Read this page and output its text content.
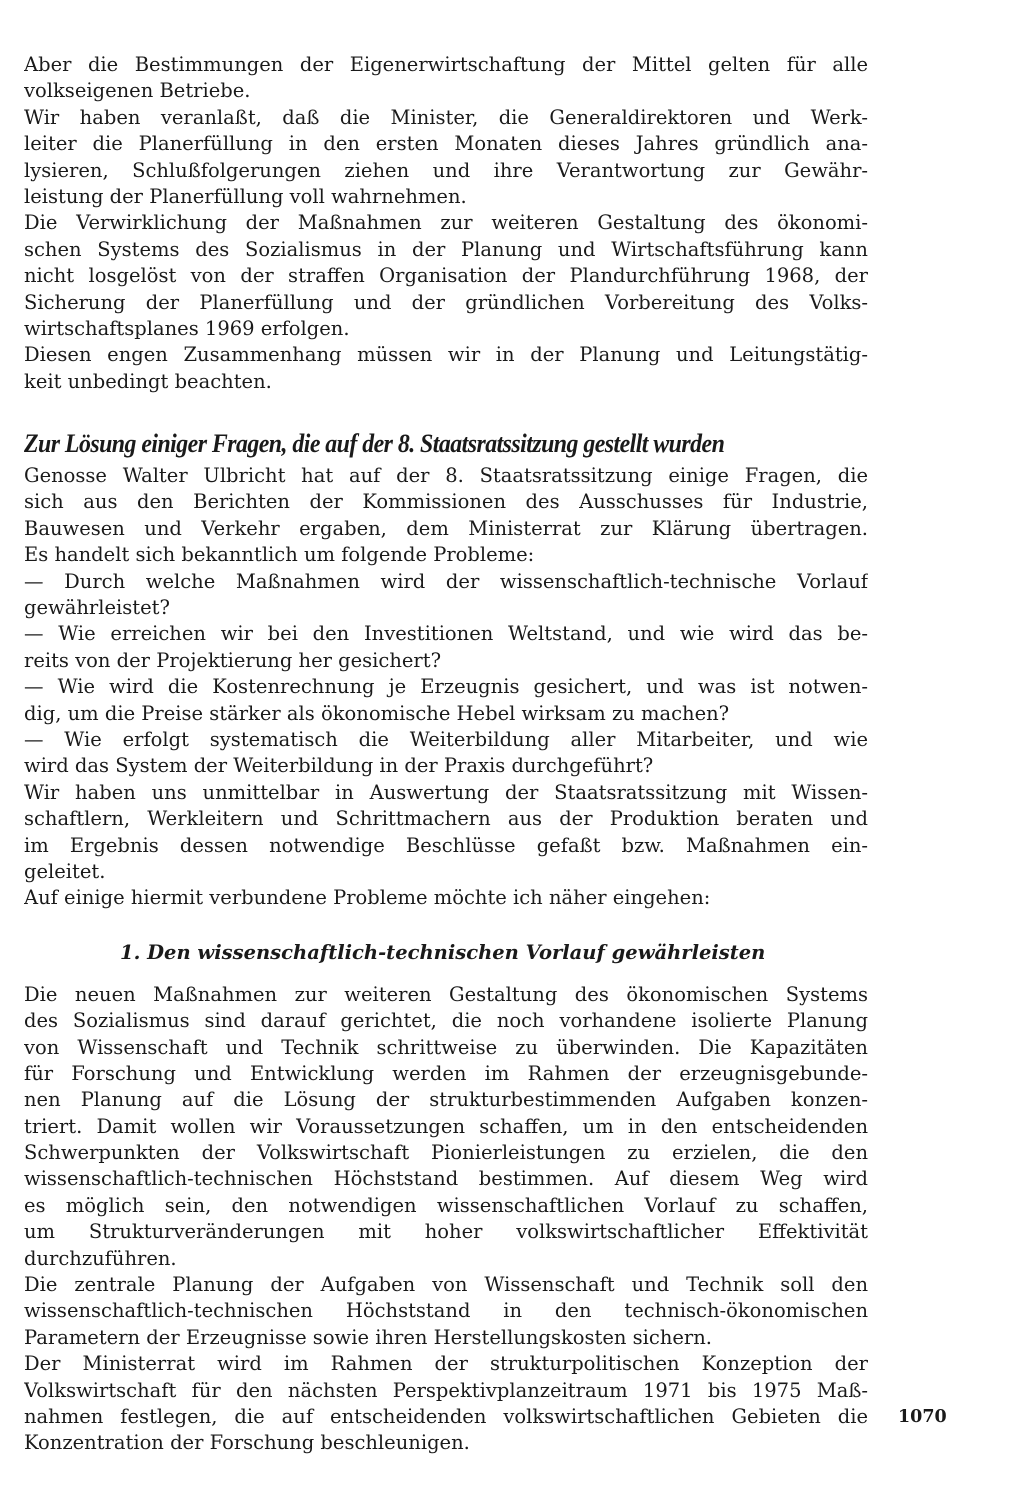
Aber die Bestimmungen der Eigenerwirtschaftung der Mittel gelten für alle
volkseigenen Betriebe.
Wir haben veranlaßt, daß die Minister, die Generaldirektoren und Werk-
leiter die Planerfüllung in den ersten Monaten dieses Jahres gründlich ana-
lysieren, Schlußfolgerungen ziehen und ihre Verantwortung zur Gewähr-
leistung der Planerfüllung voll wahrnehmen.
Die Verwirklichung der Maßnahmen zur weiteren Gestaltung des ökonomi-
schen Systems des Sozialismus in der Planung und Wirtschaftsführung kann
nicht losgelöst von der straffen Organisation der Plandurchführung 1968, der
Sicherung der Planerfüllung und der gründlichen Vorbereitung des Volks-
wirtschaftsplanes 1969 erfolgen.
Diesen engen Zusammenhang müssen wir in der Planung und Leitungstätig-
keit unbedingt beachten.
Zur Lösung einiger Fragen, die auf der 8. Staatsratssitzung gestellt wurden
Genosse Walter Ulbricht hat auf der 8. Staatsratssitzung einige Fragen, die
sich aus den Berichten der Kommissionen des Ausschusses für Industrie,
Bauwesen und Verkehr ergaben, dem Ministerrat zur Klärung übertragen.
Es handelt sich bekanntlich um folgende Probleme:
— Durch welche Maßnahmen wird der wissenschaftlich-technische Vorlauf
gewährleistet?
— Wie erreichen wir bei den Investitionen Weltstand, und wie wird das be-
reits von der Projektierung her gesichert?
— Wie wird die Kostenrechnung je Erzeugnis gesichert, und was ist notwen-
dig, um die Preise stärker als ökonomische Hebel wirksam zu machen?
— Wie erfolgt systematisch die Weiterbildung aller Mitarbeiter, und wie
wird das System der Weiterbildung in der Praxis durchgeführt?
Wir haben uns unmittelbar in Auswertung der Staatsratssitzung mit Wissen-
schaftlern, Werkleitern und Schrittmachern aus der Produktion beraten und
im Ergebnis dessen notwendige Beschlüsse gefaßt bzw. Maßnahmen ein-
geleitet.
Auf einige hiermit verbundene Probleme möchte ich näher eingehen:
1. Den wissenschaftlich-technischen Vorlauf gewährleisten
Die neuen Maßnahmen zur weiteren Gestaltung des ökonomischen Systems
des Sozialismus sind darauf gerichtet, die noch vorhandene isolierte Planung
von Wissenschaft und Technik schrittweise zu überwinden. Die Kapazitäten
für Forschung und Entwicklung werden im Rahmen der erzeugnisgebunde-
nen Planung auf die Lösung der strukturbestimmenden Aufgaben konzen-
triert. Damit wollen wir Voraussetzungen schaffen, um in den entscheidenden
Schwerpunkten der Volkswirtschaft Pionierleistungen zu erzielen, die den
wissenschaftlich-technischen Höchststand bestimmen. Auf diesem Weg wird
es möglich sein, den notwendigen wissenschaftlichen Vorlauf zu schaffen,
um Strukturveränderungen mit hoher volkswirtschaftlicher Effektivität
durchzuführen.
Die zentrale Planung der Aufgaben von Wissenschaft und Technik soll den
wissenschaftlich-technischen Höchststand in den technisch-ökonomischen
Parametern der Erzeugnisse sowie ihren Herstellungskosten sichern.
Der Ministerrat wird im Rahmen der strukturpolitischen Konzeption der
Volkswirtschaft für den nächsten Perspektivplanzeitraum 1971 bis 1975 Maß-
nahmen festlegen, die auf entscheidenden volkswirtschaftlichen Gebieten die
Konzentration der Forschung beschleunigen.
1070
